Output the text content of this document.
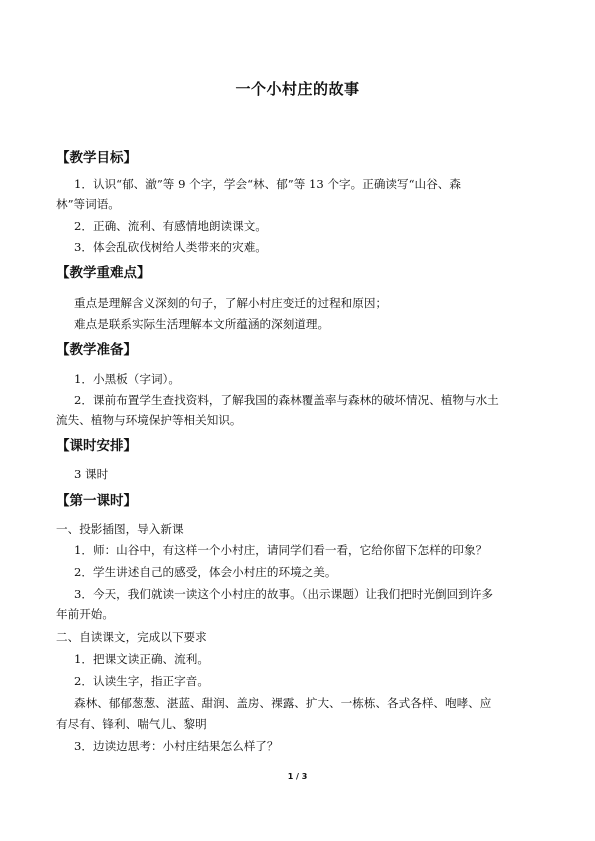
一个小村庄的故事
【教学目标】
1．认识“郁、澈”等 9 个字，学会“林、郁”等 13 个字。正确读写“山谷、森
林”等词语。
2．正确、流利、有感情地朗读课文。
3．体会乱砍伐树给人类带来的灾难。
【教学重难点】
重点是理解含义深刻的句子，了解小村庄变迁的过程和原因；
难点是联系实际生活理解本文所蕴涵的深刻道理。
【教学准备】
1．小黑板（字词）。
2．课前布置学生查找资料，了解我国的森林覆盖率与森林的破坏情况、植物与水土
流失、植物与环境保护等相关知识。
【课时安排】
3 课时
【第一课时】
一、投影插图，导入新课
1．师：山谷中，有这样一个小村庄，请同学们看一看，它给你留下怎样的印象？
2．学生讲述自己的感受，体会小村庄的环境之美。
3．今天，我们就读一读这个小村庄的故事。（出示课题）让我们把时光倒回到许多
年前开始。
二、自读课文，完成以下要求
1．把课文读正确、流利。
2．认读生字，指正字音。
森林、郁郁葱葱、湛蓝、甜润、盖房、裸露、扩大、一栋栋、各式各样、咆哮、应
有尽有、锋利、喘气儿、黎明
3．边读边思考：小村庄结果怎么样了？
1 / 3
